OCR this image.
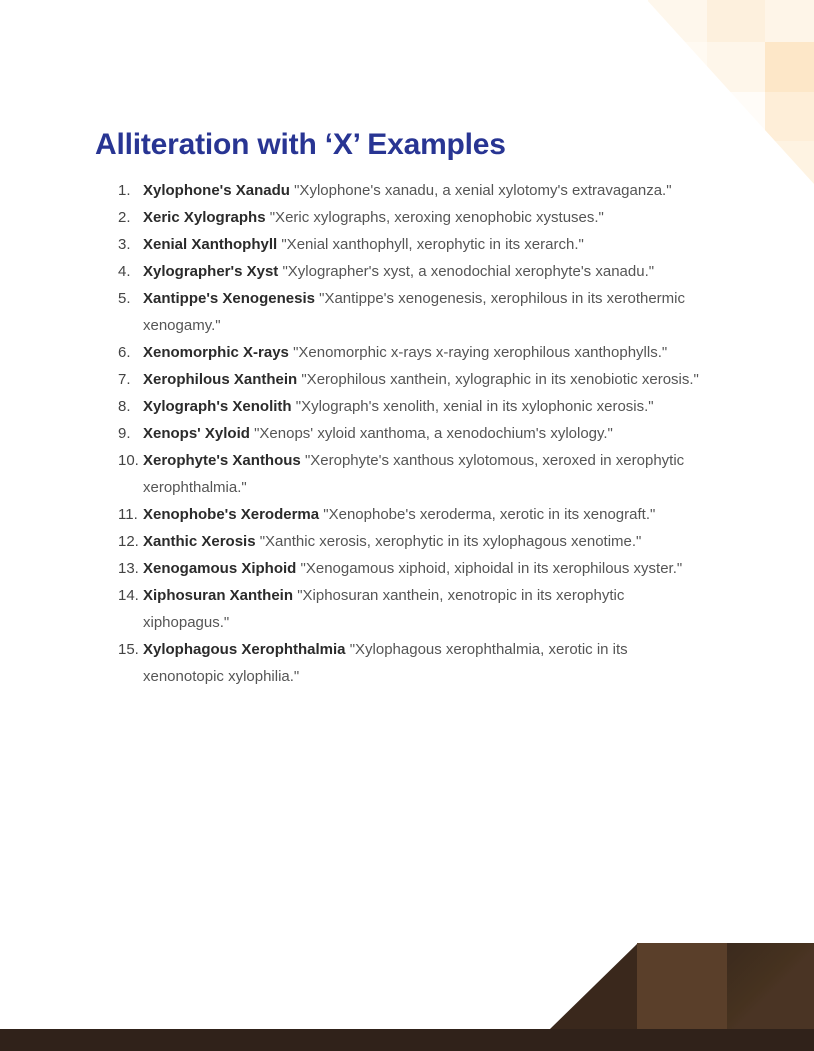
Alliteration with ‘X’ Examples
1. Xylophone's Xanadu "Xylophone's xanadu, a xenial xylotomy's extravaganza."
2. Xeric Xylographs "Xeric xylographs, xeroxing xenophobic xystuses."
3. Xenial Xanthophyll "Xenial xanthophyll, xerophytic in its xerarch."
4. Xylographer's Xyst "Xylographer's xyst, a xenodochial xerophyte's xanadu."
5. Xantippe's Xenogenesis "Xantippe's xenogenesis, xerophilous in its xerothermic xenogamy."
6. Xenomorphic X-rays "Xenomorphic x-rays x-raying xerophilous xanthophylls."
7. Xerophilous Xanthein "Xerophilous xanthein, xylographic in its xenobiotic xerosis."
8. Xylograph's Xenolith "Xylograph's xenolith, xenial in its xylophonic xerosis."
9. Xenops' Xyloid "Xenops' xyloid xanthoma, a xenodochium's xylology."
10. Xerophyte's Xanthous "Xerophyte's xanthous xylotomous, xeroxed in xerophytic xerophthalmia."
11. Xenophobe's Xeroderma "Xenophobe's xeroderma, xerotic in its xenograft."
12. Xanthic Xerosis "Xanthic xerosis, xerophytic in its xylophagous xenotime."
13. Xenogamous Xiphoid "Xenogamous xiphoid, xiphoidal in its xerophilous xyster."
14. Xiphosuran Xanthein "Xiphosuran xanthein, xenotropic in its xerophytic xiphopagus."
15. Xylophagous Xerophthalmia "Xylophagous xerophthalmia, xerotic in its xenonotopic xylophilia."
